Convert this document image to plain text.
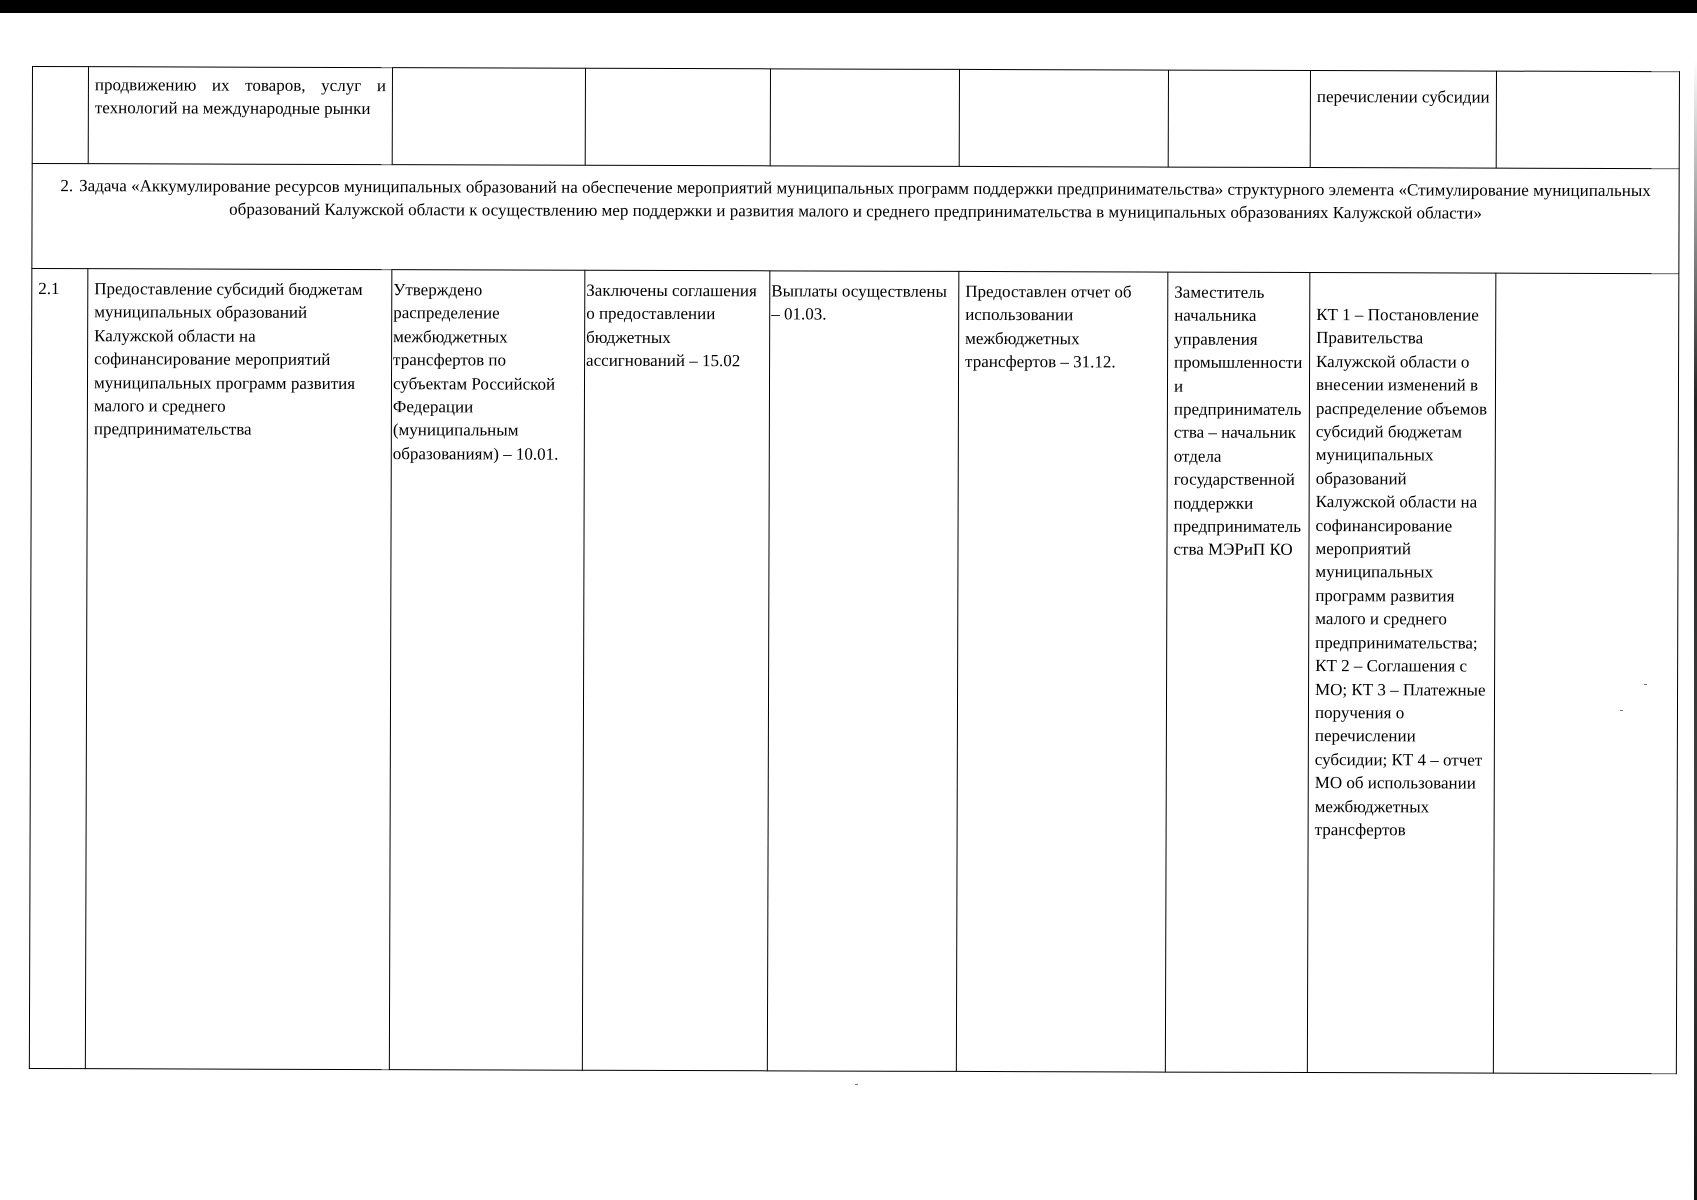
	продвижению их товаров, услуг и технологий на международные рынки						перечислении субсидии	
2. Задача «Аккумулирование ресурсов муниципальных образований на обеспечение мероприятий муниципальных программ поддержки предпринимательства» структурного элемента «Стимулирование муниципальных образований Калужской области к осуществлению мер поддержки и развития малого и среднего предпринимательства в муниципальных образованиях Калужской области»								
2.1	Предоставление субсидий бюджетам муниципальных образований Калужской области на софинансирование мероприятий муниципальных программ развития малого и среднего предпринимательства	Утверждено распределение межбюджетных трансфертов по субъектам Российской Федерации (муниципальным образованиям) – 10.01.	Заключены соглашения о предоставлении бюджетных ассигнований – 15.02	Выплаты осуществлены – 01.03.	Предоставлен отчет об использовании межбюджетных трансфертов – 31.12.	Заместитель начальника управления промышленности и предпринимательства – начальник отдела государственной поддержки предпринимательства МЭРиП КО	КТ 1 – Постановление Правительства Калужской области о внесении изменений в распределение объемов субсидий бюджетам муниципальных образований Калужской области на софинансирование мероприятий муниципальных программ развития малого и среднего предпринимательства; КТ 2 – Соглашения с МО; КТ 3 – Платежные поручения о перечислении субсидии; КТ 4 – отчет МО об использовании межбюджетных трансфертов	
